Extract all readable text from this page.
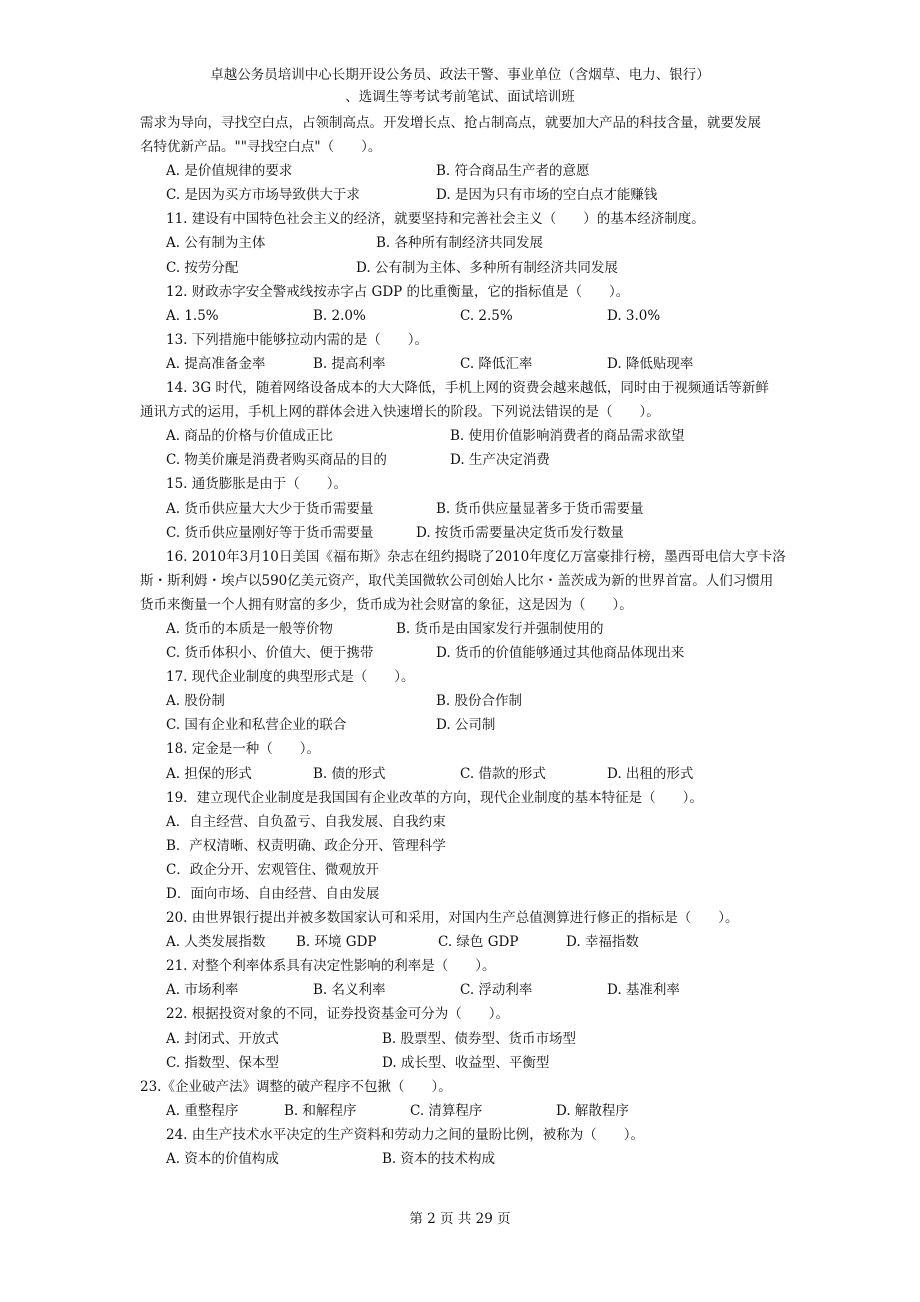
卓越公务员培训中心长期开设公务员、政法干警、事业单位（含烟草、电力、银行）
、选调生等考试考前笔试、面试培训班
需求为导向，寻找空白点，占领制高点。开发增长点、抢占制高点，就要加大产品的科技含量，就要发展
名特优新产品。""寻找空白点"（　　）。
A. 是价值规律的要求	B. 符合商品生产者的意愿
C. 是因为买方市场导致供大于求	D. 是因为只有市场的空白点才能赚钱
11. 建设有中国特色社会主义的经济，就要坚持和完善社会主义（　　）的基本经济制度。
A. 公有制为主体	B. 各种所有制经济共同发展
C. 按劳分配	D. 公有制为主体、多种所有制经济共同发展
12. 财政赤字安全警戒线按赤字占 GDP 的比重衡量，它的指标值是（　　）。
A. 1.5%	B. 2.0%	C. 2.5%	D. 3.0%
13. 下列措施中能够拉动内需的是（　　）。
A. 提高准备金率	B. 提高利率	C. 降低汇率	D. 降低贴现率
14. 3G 时代，随着网络设备成本的大大降低，手机上网的资费会越来越低，同时由于视频通话等新鲜
通讯方式的运用，手机上网的群体会进入快速增长的阶段。下列说法错误的是（　　）。
A. 商品的价格与价值成正比	B. 使用价值影响消费者的商品需求欲望
C. 物美价廉是消费者购买商品的目的	D. 生产决定消费
15. 通货膨胀是由于（　　）。
A. 货币供应量大大少于货币需要量	B. 货币供应量显著多于货币需要量
C. 货币供应量刚好等于货币需要量	D. 按货币需要量决定货币发行数量
16. 2010年3月10日美国《福布斯》杂志在纽约揭晓了2010年度亿万富豪排行榜，墨西哥电信大亨卡洛
斯・斯利姆・埃卢以590亿美元资产，取代美国微软公司创始人比尔・盖茨成为新的世界首富。人们习惯用
货币来衡量一个人拥有财富的多少，货币成为社会财富的象征，这是因为（　　）。
A. 货币的本质是一般等价物	B. 货币是由国家发行并强制使用的
C. 货币体积小、价值大、便于携带	D. 货币的价值能够通过其他商品体现出来
17. 现代企业制度的典型形式是（　　）。
A. 股份制	B. 股份合作制
C. 国有企业和私营企业的联合	D. 公司制
18. 定金是一种（　　）。
A. 担保的形式	B. 债的形式	C. 借款的形式	D. 出租的形式
19．建立现代企业制度是我国国有企业改革的方向，现代企业制度的基本特征是（　　）。
A．自主经营、自负盈亏、自我发展、自我约束
B．产权清晰、权责明确、政企分开、管理科学
C．政企分开、宏观管住、微观放开
D．面向市场、自由经营、自由发展
20. 由世界银行提出并被多数国家认可和采用，对国内生产总值测算进行修正的指标是（　　）。
A. 人类发展指数	B. 环境 GDP	C. 绿色 GDP	D. 幸福指数
21. 对整个利率体系具有决定性影响的利率是（　　）。
A. 市场利率	B. 名义利率	C. 浮动利率	D. 基准利率
22. 根据投资对象的不同，证券投资基金可分为（　　）。
A. 封闭式、开放式	B. 股票型、债券型、货币市场型
C. 指数型、保本型	D. 成长型、收益型、平衡型
23.《企业破产法》调整的破产程序不包揪（　　）。
A. 重整程序	B. 和解程序	C. 清算程序	D. 解散程序
24. 由生产技术水平决定的生产资料和劳动力之间的量盼比例，被称为（　　）。
A. 资本的价值构成	B. 资本的技术构成
第 2 页 共 29 页
